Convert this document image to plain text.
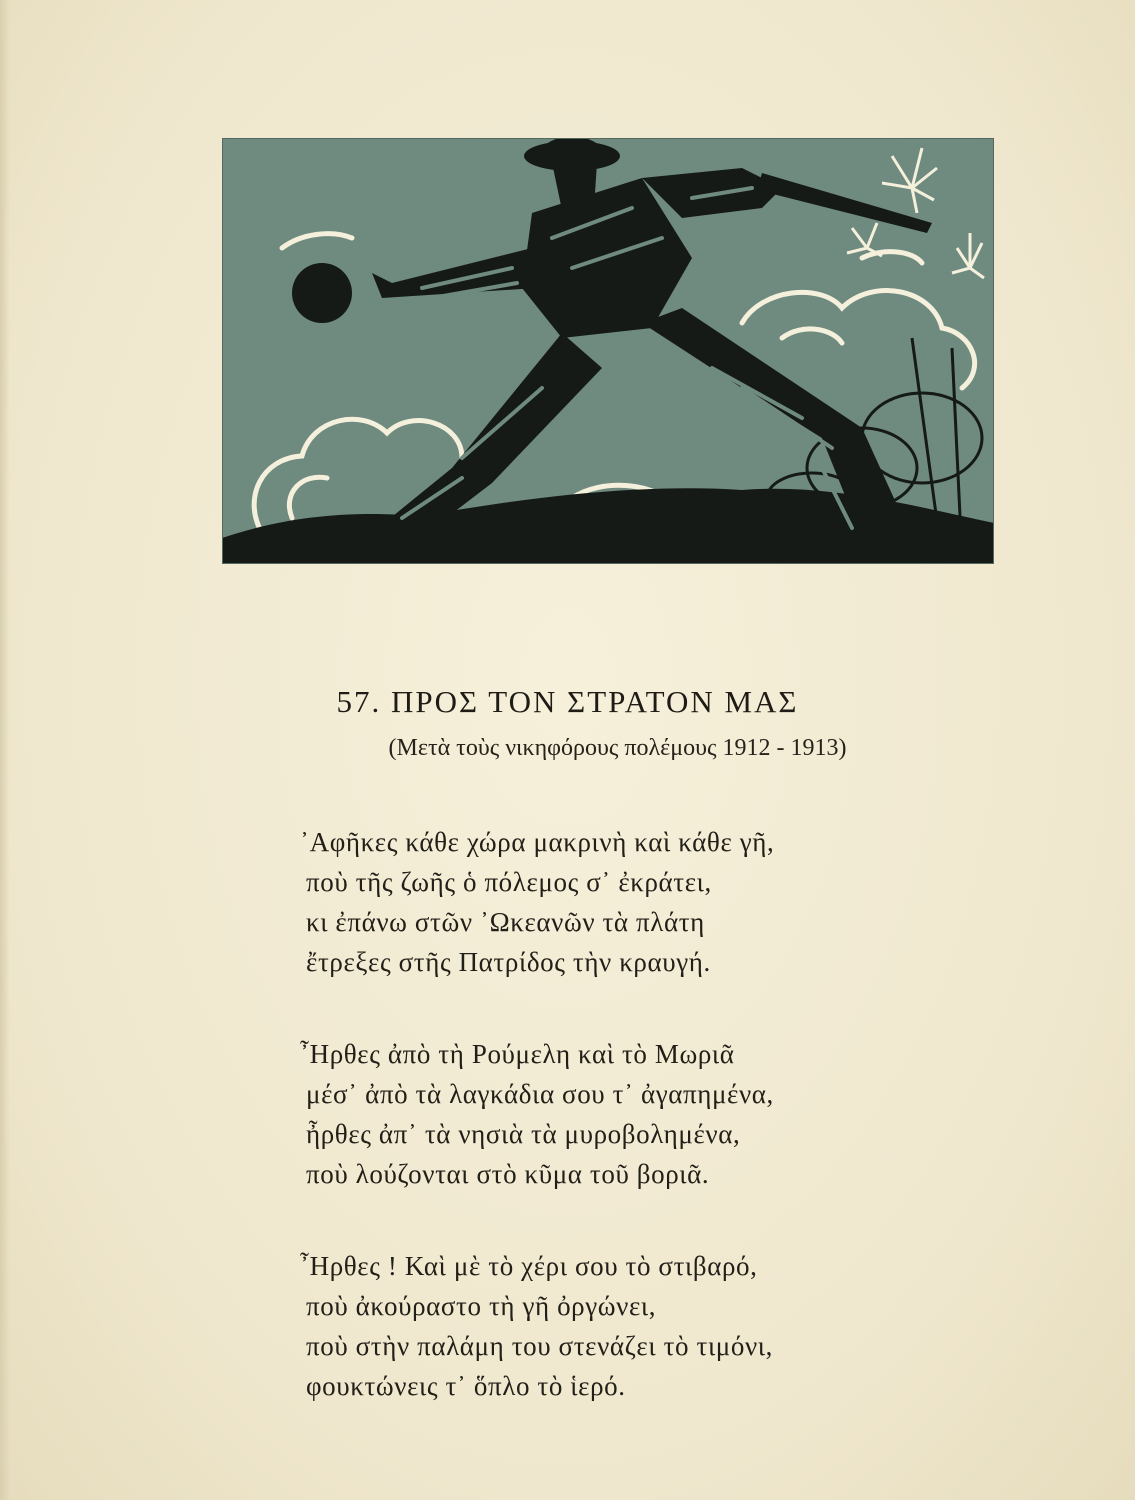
57. ΠΡΟΣ ΤΟΝ ΣΤΡΑΤΟΝ ΜΑΣ
(Μετὰ τοὺς νικηφόρους πολέμους 1912 - 1913)
᾿Αφῆκες κάθε χώρα μακρινὴ καὶ κάθε γῆ,
ποὺ τῆς ζωῆς ὁ πόλεμος σ᾿ ἐκράτει,
κι ἐπάνω στῶν ᾿Ωκεανῶν τὰ πλάτη
ἔτρεξες στῆς Πατρίδος τὴν κραυγή.
῏Ηρθες ἀπὸ τὴ Ρούμελη καὶ τὸ Μωριᾶ
μέσ᾿ ἀπὸ τὰ λαγκάδια σου τ᾿ ἀγαπημένα,
ἦρθες ἀπ᾿ τὰ νησιὰ τὰ μυροβολημένα,
ποὺ λούζονται στὸ κῦμα τοῦ βοριᾶ.
῏Ηρθες ! Καὶ μὲ τὸ χέρι σου τὸ στιβαρό,
ποὺ ἀκούραστο τὴ γῆ ὀργώνει,
ποὺ στὴν παλάμη του στενάζει τὸ τιμόνι,
φουκτώνεις τ᾿ ὅπλο τὸ ἱερό.
